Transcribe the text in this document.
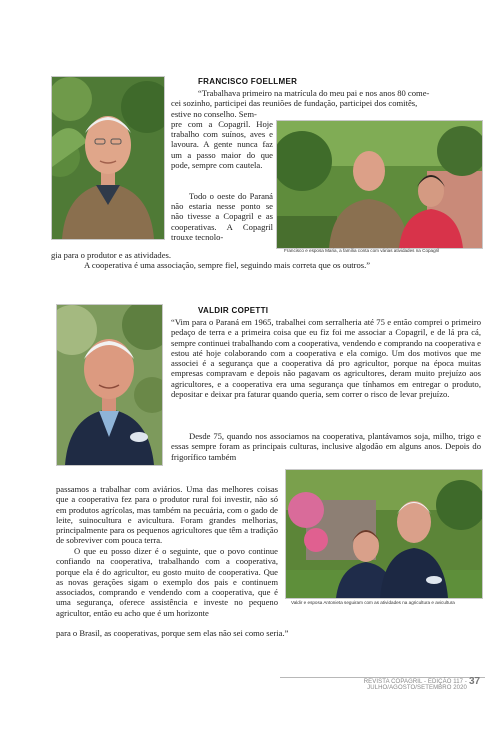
FRANCISCO FOELLMER

“Trabalhava primeiro na matrícula do meu pai e nos anos 80 come-

cei sozinho, participei das reuniões de fundação, participei dos comitês,

estive no conselho. Sem-

pre com a Copagril. Hoje trabalho com suínos, aves e lavoura. A gente nunca faz um a passo maior do que pode, sempre com cautela.

Todo o oeste do Paraná não estaria nesse ponto se não tivesse a Copagril e as cooperativas. A Copagril trouxe tecnolo-

gia para o produtor e as atividades.

A cooperativa é uma associação, sempre fiel, seguindo mais correta que os outros.”

Francisco e esposa Maria, a família conta com várias atividades na Copagril
VALDIR COPETTI

“Vim para o Paraná em 1965, trabalhei com serralheria até 75 e então comprei o primeiro pedaço de terra e a primeira coisa que eu fiz foi me associar a Copagril, e de lá pra cá, sempre continuei trabalhando com a cooperativa, vendendo e comprando na cooperativa e estou até hoje colaborando com a cooperativa e ela comigo. Um dos motivos que me associei é a segurança que a cooperativa dá pro agricultor, porque na época muitas empresas compravam e depois não pagavam os agricultores, deram muito prejuízo aos agricultores, e a cooperativa era uma segurança que tínhamos em entregar o produto, depositar e deixar pra faturar quando queria, sem correr o risco de levar prejuízo.

Desde 75, quando nos associamos na cooperativa, plantávamos soja, milho, trigo e essas sempre foram as principais culturas, inclusive algodão em alguns anos. Depois do frigorífico também

passamos a trabalhar com aviários. Uma das melhores coisas que a cooperativa fez para o produtor rural foi investir, não só em produtos agrícolas, mas também na pecuária, com o gado de leite, suinocultura e avicultura. Foram grandes melhorias, principalmente para os pequenos agricultores que têm a tradição de sobreviver com pouca terra.

O que eu posso dizer é o seguinte, que o povo continue confiando na cooperativa, trabalhando com a cooperativa, porque ela é do agricultor, eu gosto muito de cooperativa. Que as novas gerações sigam o exemplo dos pais e continuem associados, comprando e vendendo com a cooperativa, que é uma segurança, oferece assistência e investe no pequeno agricultor, então eu acho que é um horizonte

para o Brasil, as cooperativas, porque sem elas não sei como seria.”

Valdir e esposa Antonieta seguiram com as atividades na agricultura e avicultura
REVISTA COPAGRIL - EDIÇÃO 117 - JULHO/AGOSTO/SETEMBRO 2020
37
